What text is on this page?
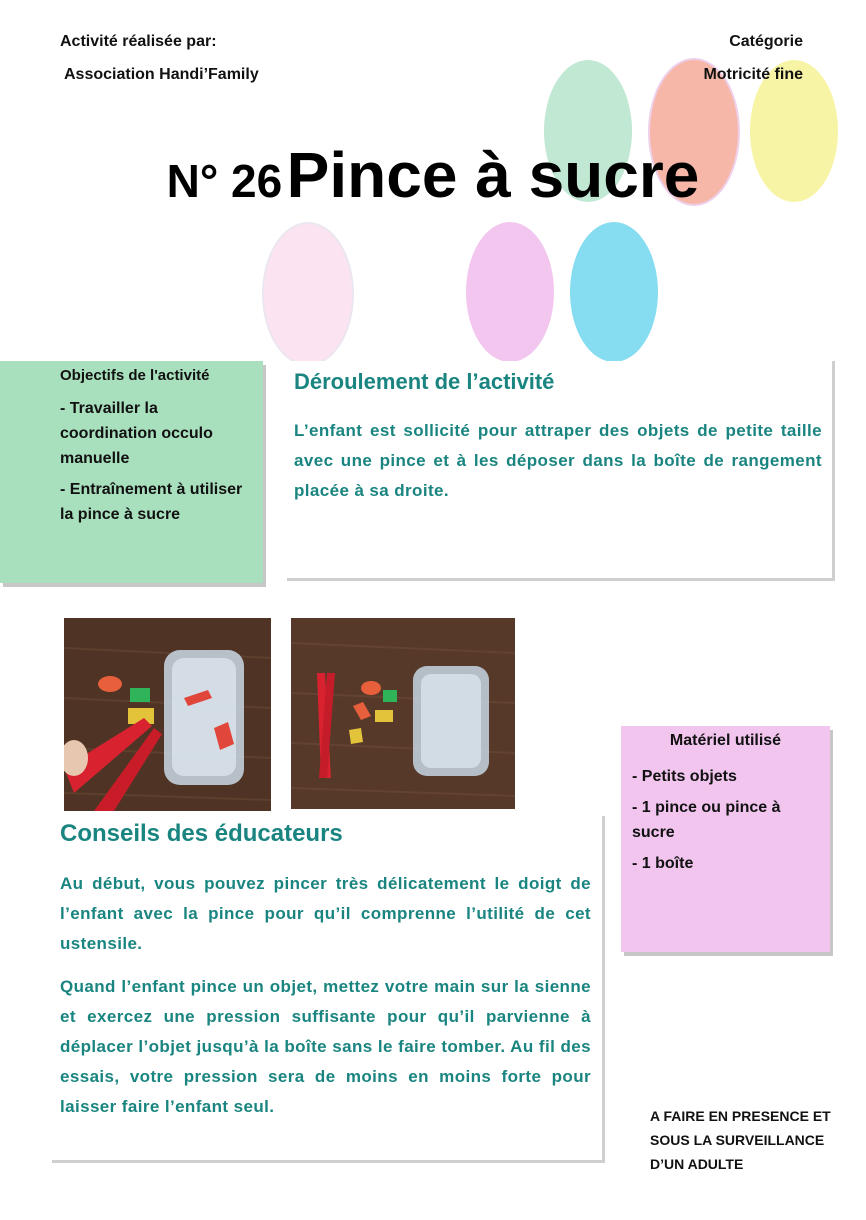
Activité réalisée par:
Association Handi’Family
Catégorie
Motricité fine
N° 26 Pince à sucre
Objectifs de l'activité
- Travailler la coordination occulo manuelle
- Entraînement à utiliser la pince à sucre
Déroulement de l’activité
L’enfant est sollicité pour attraper des objets de petite taille avec une pince et à les déposer dans la boîte de rangement placée à sa droite.
Matériel utilisé
- Petits objets
- 1 pince ou pince à sucre
- 1 boîte
Conseils des éducateurs
Au début, vous pouvez pincer très délicatement le doigt de l’enfant avec la pince pour qu’il comprenne l’utilité de cet ustensile.
Quand l’enfant pince un objet, mettez votre main sur la sienne et exercez une pression suffisante pour qu’il parvienne à déplacer l’objet jusqu’à la boîte sans le faire tomber. Au fil des essais, votre pression sera de moins en moins forte pour laisser faire l’enfant seul.	A FAIRE EN PRESENCE ET SOUS LA SURVEILLANCE D’UN ADULTE
